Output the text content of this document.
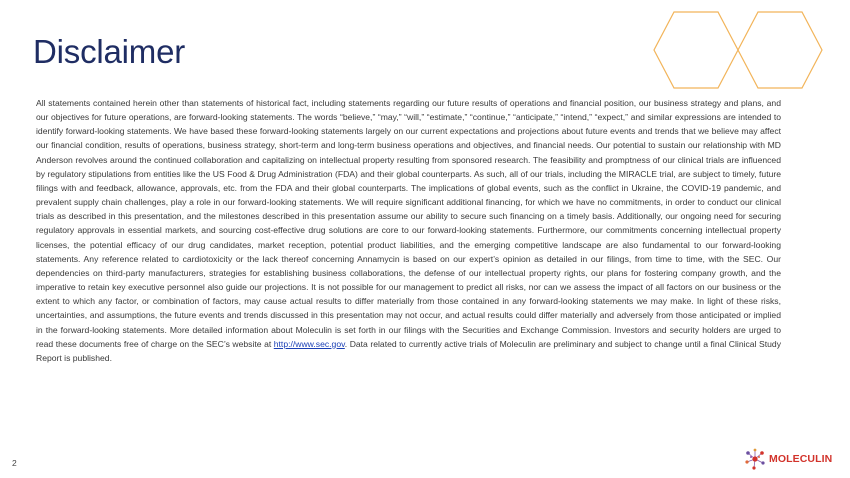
Disclaimer
All statements contained herein other than statements of historical fact, including statements regarding our future results of operations and financial position, our business strategy and plans, and our objectives for future operations, are forward-looking statements. The words “believe,” “may,” “will,” “estimate,” “continue,” “anticipate,” “intend,” “expect,” and similar expressions are intended to identify forward-looking statements. We have based these forward-looking statements largely on our current expectations and projections about future events and trends that we believe may affect our financial condition, results of operations, business strategy, short-term and long-term business operations and objectives, and financial needs. Our potential to sustain our relationship with MD Anderson revolves around the continued collaboration and capitalizing on intellectual property resulting from sponsored research. The feasibility and promptness of our clinical trials are influenced by regulatory stipulations from entities like the US Food & Drug Administration (FDA) and their global counterparts. As such, all of our trials, including the MIRACLE trial, are subject to timely, future filings with and feedback, allowance, approvals, etc. from the FDA and their global counterparts. The implications of global events, such as the conflict in Ukraine, the COVID-19 pandemic, and prevalent supply chain challenges, play a role in our forward-looking statements. We will require significant additional financing, for which we have no commitments, in order to conduct our clinical trials as described in this presentation, and the milestones described in this presentation assume our ability to secure such financing on a timely basis. Additionally, our ongoing need for securing regulatory approvals in essential markets, and sourcing cost-effective drug solutions are core to our forward-looking statements. Furthermore, our commitments concerning intellectual property licenses, the potential efficacy of our drug candidates, market reception, potential product liabilities, and the emerging competitive landscape are also fundamental to our forward-looking statements. Any reference related to cardiotoxicity or the lack thereof concerning Annamycin is based on our expert’s opinion as detailed in our filings, from time to time, with the SEC. Our dependencies on third-party manufacturers, strategies for establishing business collaborations, the defense of our intellectual property rights, our plans for fostering company growth, and the imperative to retain key executive personnel also guide our projections. It is not possible for our management to predict all risks, nor can we assess the impact of all factors on our business or the extent to which any factor, or combination of factors, may cause actual results to differ materially from those contained in any forward-looking statements we may make. In light of these risks, uncertainties, and assumptions, the future events and trends discussed in this presentation may not occur, and actual results could differ materially and adversely from those anticipated or implied in the forward-looking statements. More detailed information about Moleculin is set forth in our filings with the Securities and Exchange Commission. Investors and security holders are urged to read these documents free of charge on the SEC’s website at http://www.sec.gov. Data related to currently active trials of Moleculin are preliminary and subject to change until a final Clinical Study Report is published.
2	MOLECULIN
